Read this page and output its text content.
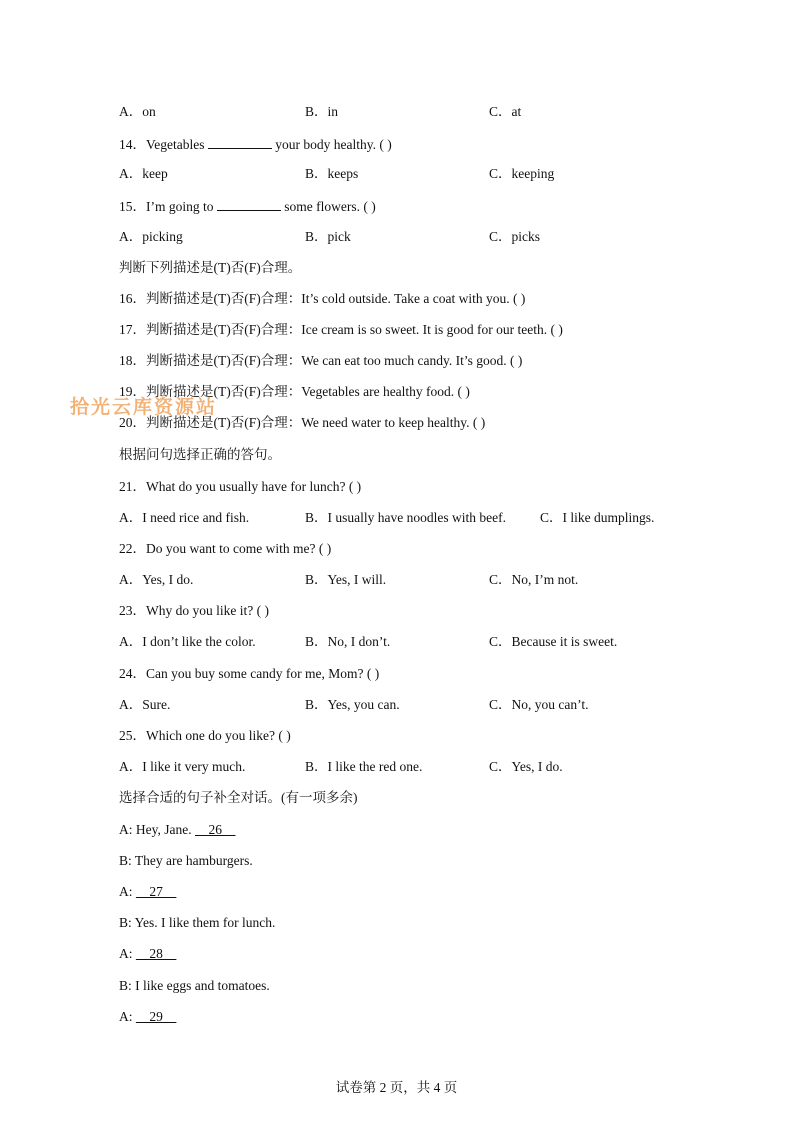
A．on	B．in	C．at
14．Vegetables	your body healthy. ( )
A．keep	B．keeps	C．keeping
15．I’m going to	some flowers. ( )
A．picking	B．pick	C．picks
判断下列描述是(T)否(F)合理。
16．判断描述是(T)否(F)合理：It’s cold outside. Take a coat with you. ( )
17．判断描述是(T)否(F)合理：Ice cream is so sweet. It is good for our teeth. ( )
18．判断描述是(T)否(F)合理：We can eat too much candy. It’s good. ( )
19．判断描述是(T)否(F)合理：Vegetables are healthy food. ( )
20．判断描述是(T)否(F)合理：We need water to keep healthy. ( )
拾光云库资源站
根据问句选择正确的答句。
21．What do you usually have for lunch? ( )
A．I need rice and fish.	B．I usually have noodles with beef.	C．I like dumplings.
22．Do you want to come with me? ( )
A．Yes, I do.	B．Yes, I will.	C．No, I’m not.
23．Why do you like it? ( )
A．I don’t like the color.	B．No, I don’t.	C．Because it is sweet.
24．Can you buy some candy for me, Mom? ( )
A．Sure.	B．Yes, you can.	C．No, you can’t.
25．Which one do you like? ( )
A．I like it very much.	B．I like the red one.	C．Yes, I do.
选择合适的句子补全对话。(有一项多余)
A: Hey, Jane.     26
B: They are hamburgers.
A:     27
B: Yes. I like them for lunch.
A:     28
B: I like eggs and tomatoes.
A:     29
试卷第 2 页，共 4 页
